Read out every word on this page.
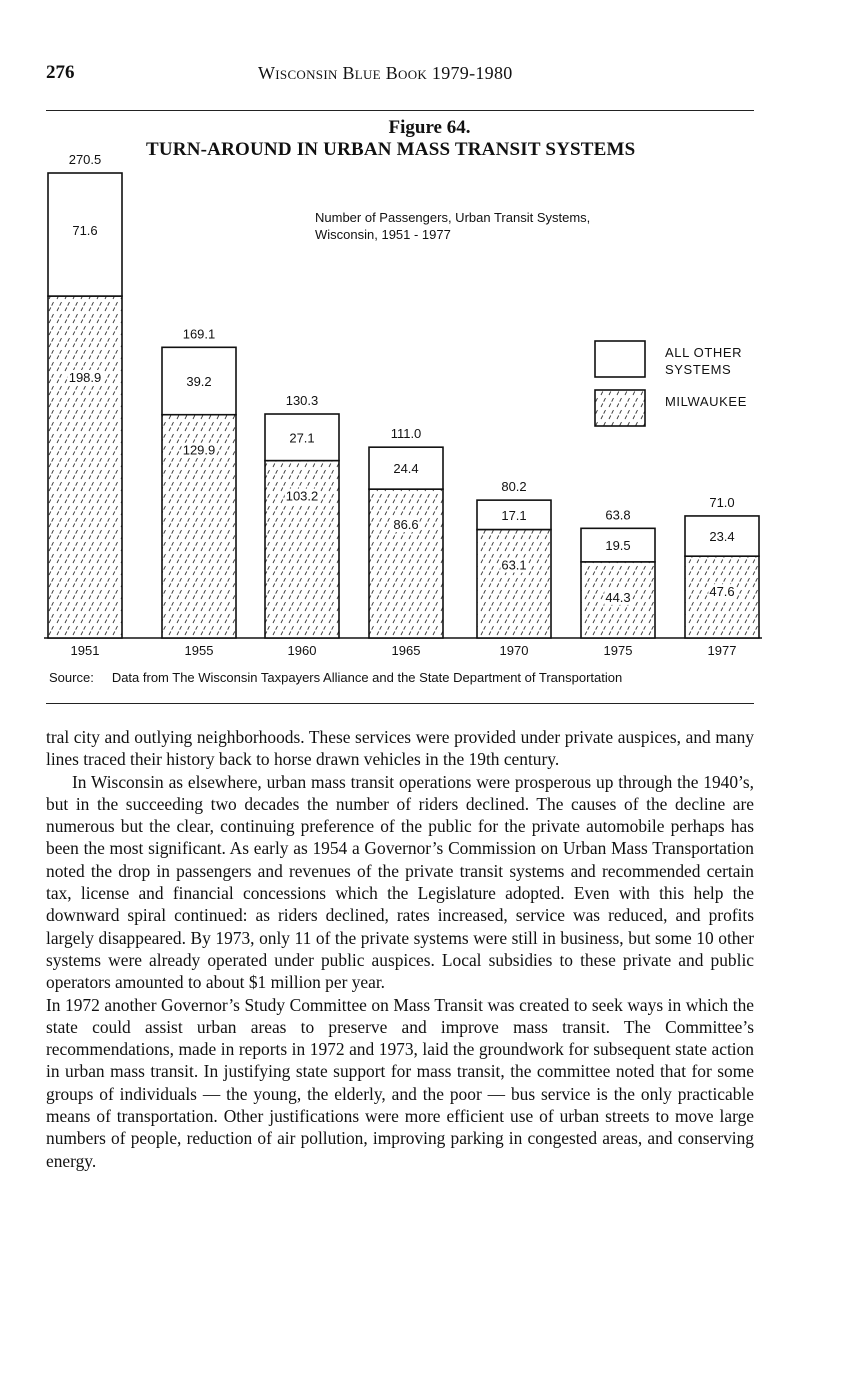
276	Wisconsin Blue Book 1979-1980
Figure 64.
TURN-AROUND IN URBAN MASS TRANSIT SYSTEMS
198.9
71.6
270.5
1951
129.9
39.2
169.1
1955
103.2
27.1
130.3
1960
86.6
24.4
111.0
1965
63.1
17.1
80.2
1970
44.3
19.5
63.8
1975
47.6
23.4
71.0
1977
ALL OTHER
SYSTEMS
MILWAUKEE
Number of Passengers, Urban Transit Systems,
Wisconsin, 1951 - 1977
Source: Data from The Wisconsin Taxpayers Alliance and the State Department of Transportation

tral city and outlying neighborhoods. These services were provided under private auspices, and many lines traced their history back to horse drawn vehicles in the 19th century.

In Wisconsin as elsewhere, urban mass transit operations were prosperous up through the 1940’s, but in the succeeding two decades the number of riders declined. The causes of the decline are numerous but the clear, continuing preference of the public for the private automobile perhaps has been the most significant. As early as 1954 a Governor’s Commission on Urban Mass Transportation noted the drop in passengers and revenues of the private transit systems and recommended certain tax, license and financial concessions which the Legislature adopted. Even with this help the downward spiral continued: as riders declined, rates increased, service was reduced, and profits largely disappeared. By 1973, only 11 of the private systems were still in business, but some 10 other systems were already operated under public auspices. Local subsidies to these private and public operators amounted to about $1 million per year.

In 1972 another Governor’s Study Committee on Mass Transit was created to seek ways in which the state could assist urban areas to preserve and improve mass transit. The Committee’s recommendations, made in reports in 1972 and 1973, laid the groundwork for subsequent state action in urban mass transit. In justifying state support for mass transit, the committee noted that for some groups of individuals — the young, the elderly, and the poor — bus service is the only practicable means of transportation. Other justifications were more efficient use of urban streets to move large numbers of people, reduction of air pollution, improving parking in congested areas, and conserving energy.
